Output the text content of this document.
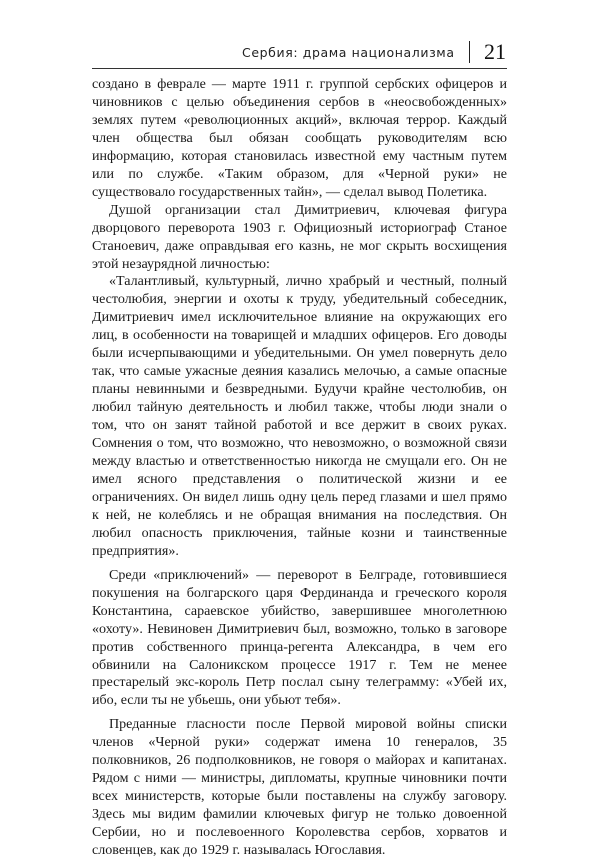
Сербия: драма национализма 21

создано в феврале — марте 1911 г. группой сербских офицеров и чиновников с целью объединения сербов в «неосвобожденных» землях путем «революционных акций», включая террор. Каждый член общества был обязан сообщать руководителям всю информацию, которая становилась известной ему частным путем или по службе. «Таким образом, для «Черной руки» не существовало государственных тайн», — сделал вывод Полетика.

Душой организации стал Димитриевич, ключевая фигура дворцового переворота 1903 г. Официозный историограф Станое Станоевич, даже оправдывая его казнь, не мог скрыть восхищения этой незаурядной личностью:

«Талантливый, культурный, лично храбрый и честный, полный честолюбия, энергии и охоты к труду, убедительный собеседник, Димитриевич имел исключительное влияние на окружающих его лиц, в особенности на товарищей и младших офицеров. Его доводы были исчерпывающими и убедительными. Он умел повернуть дело так, что самые ужасные деяния казались мелочью, а самые опасные планы невинными и безвредными. Будучи крайне честолюбив, он любил тайную деятельность и любил также, чтобы люди знали о том, что он занят тайной работой и все держит в своих руках. Сомнения о том, что возможно, что невозможно, о возможной связи между властью и ответственностью никогда не смущали его. Он не имел ясного представления о политической жизни и ее ограничениях. Он видел лишь одну цель перед глазами и шел прямо к ней, не колеблясь и не обращая внимания на последствия. Он любил опасность приключения, тайные козни и таинственные предприятия».

Среди «приключений» — переворот в Белграде, готовившиеся покушения на болгарского царя Фердинанда и греческого короля Константина, сараевское убийство, завершившее многолетнюю «охоту». Невиновен Димитриевич был, возможно, только в заговоре против собственного принца-регента Александра, в чем его обвинили на Салоникском процессе 1917 г. Тем не менее престарелый экс-король Петр послал сыну телеграмму: «Убей их, ибо, если ты не убьешь, они убьют тебя».

Преданные гласности после Первой мировой войны списки членов «Черной руки» содержат имена 10 генералов, 35 полковников, 26 подполковников, не говоря о майорах и капитанах. Рядом с ними — министры, дипломаты, крупные чиновники почти всех министерств, которые были поставлены на службу заговору. Здесь мы видим фамилии ключевых фигур не только довоенной Сербии, но и послевоенного Королевства сербов, хорватов и словенцев, как до 1929 г. называлась Югославия.
